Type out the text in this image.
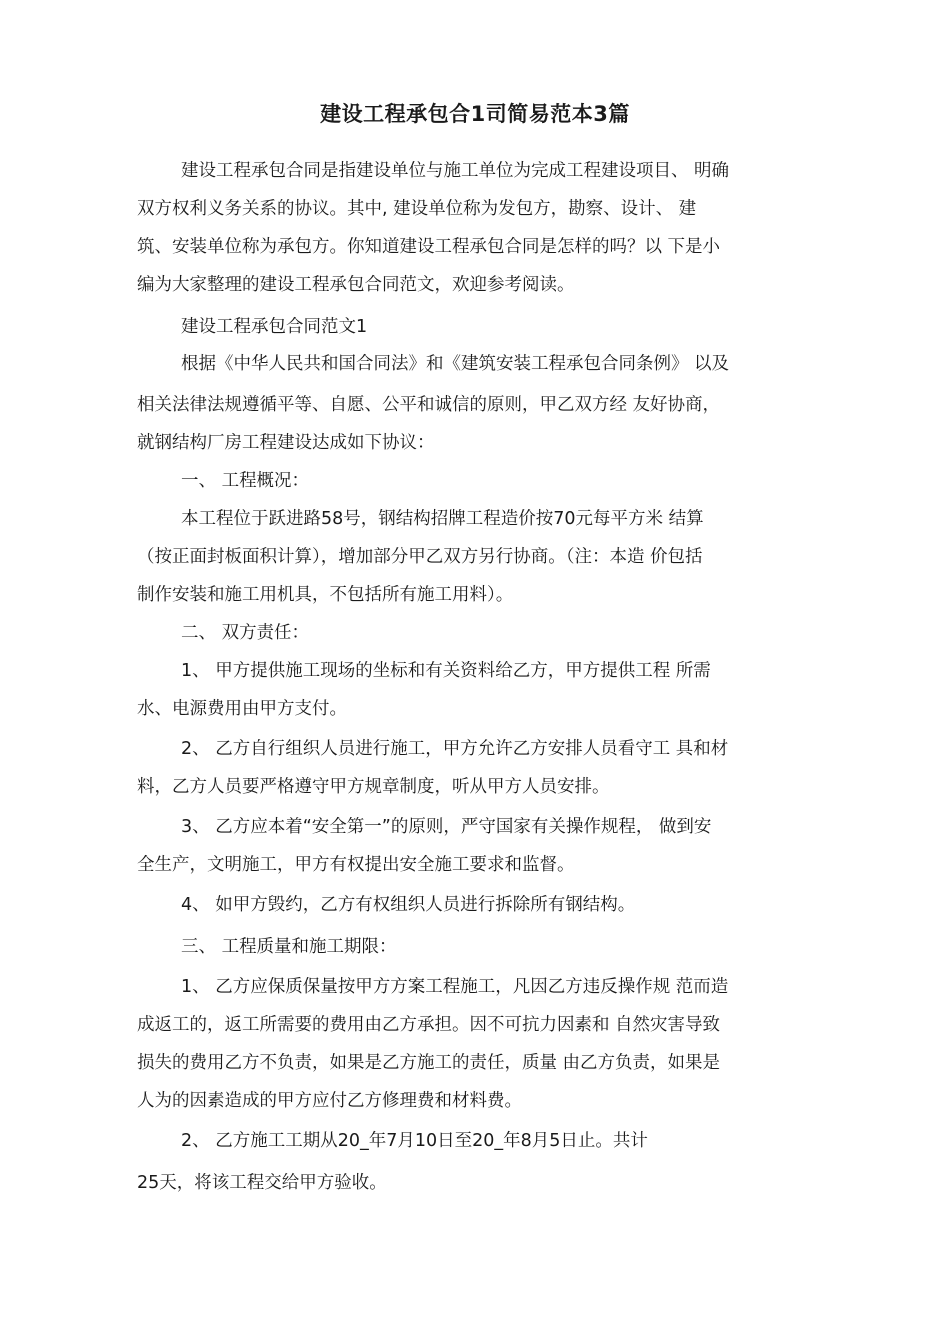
建设工程承包合1司简易范本3篇
建设工程承包合同是指建设单位与施工单位为完成工程建设项目、 明确
双方权利义务关系的协议。其中, 建设单位称为发包方，勘察、设计、 建
筑、安装单位称为承包方。你知道建设工程承包合同是怎样的吗？以 下是小
编为大家整理的建设工程承包合同范文，欢迎参考阅读。
建设工程承包合同范文1
根据《中华人民共和国合同法》和《建筑安装工程承包合同条例》 以及
相关法律法规遵循平等、自愿、公平和诚信的原则，甲乙双方经 友好协商，
就钢结构厂房工程建设达成如下协议：
一、 工程概况：
本工程位于跃进路58号，钢结构招牌工程造价按70元每平方米 结算
（按正面封板面积计算），增加部分甲乙双方另行协商。（注：本造 价包括
制作安装和施工用机具，不包括所有施工用料）。
二、 双方责任：
1、 甲方提供施工现场的坐标和有关资料给乙方，甲方提供工程 所需
水、电源费用由甲方支付。
2、 乙方自行组织人员进行施工，甲方允许乙方安排人员看守工 具和材
料，乙方人员要严格遵守甲方规章制度，听从甲方人员安排。
3、 乙方应本着“安全第一”的原则，严守国家有关操作规程， 做到安
全生产，文明施工，甲方有权提出安全施工要求和监督。
4、 如甲方毁约，乙方有权组织人员进行拆除所有钢结构。
三、 工程质量和施工期限：
1、 乙方应保质保量按甲方方案工程施工，凡因乙方违反操作规 范而造
成返工的，返工所需要的费用由乙方承担。因不可抗力因素和 自然灾害导致
损失的费用乙方不负责，如果是乙方施工的责任，质量 由乙方负责，如果是
人为的因素造成的甲方应付乙方修理费和材料费。
2、 乙方施工工期从20_年7月10日至20_年8月5日止。共计
25天，将该工程交给甲方验收。
